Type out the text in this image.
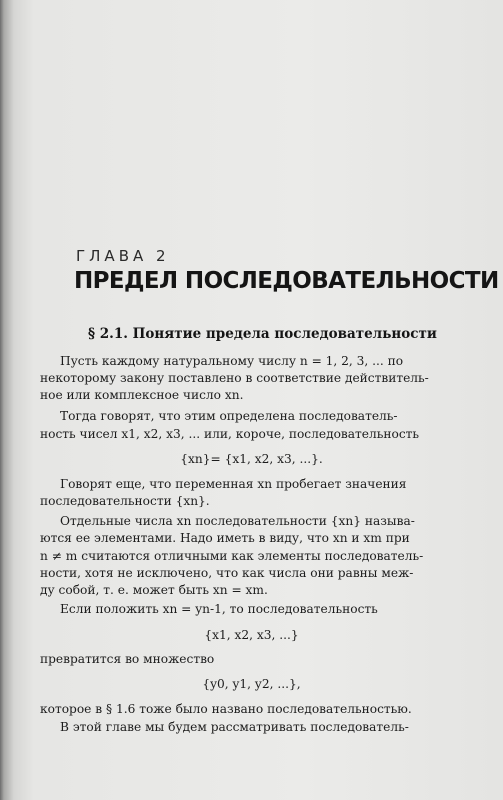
ГЛАВА 2
ПРЕДЕЛ ПОСЛЕДОВАТЕЛЬНОСТИ
§ 2.1. Понятие предела последовательности
Пусть каждому натуральному числу n = 1, 2, 3, ... по
некоторому закону поставлено в соответствие действитель-
ное или комплексное число xn.
Тогда говорят, что этим определена последователь-
ность чисел x1, x2, x3, ... или, короче, последовательность
{xn}= {x1, x2, x3, ...}.
Говорят еще, что переменная xn пробегает значения
последовательности {xn}.
Отдельные числа xn последовательности {xn} называ-
ются ее элементами. Надо иметь в виду, что xn и xm при
n ≠ m считаются отличными как элементы последователь-
ности, хотя не исключено, что как числа они равны меж-
ду собой, т. е. может быть xn = xm.
Если положить xn = yn-1, то последовательность
{x1, x2, x3, ...}
превратится во множество
{y0, y1, y2, ...},
которое в § 1.6 тоже было названо последовательностью.
В этой главе мы будем рассматривать последователь-
